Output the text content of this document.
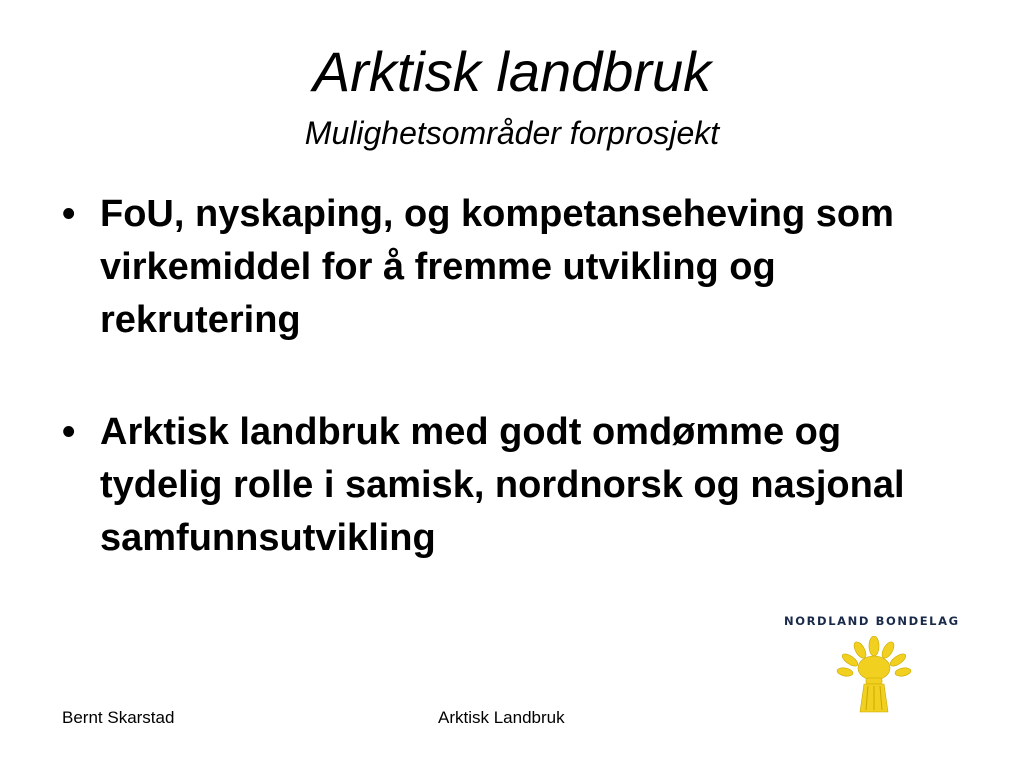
Arktisk landbruk
Mulighetsområder forprosjekt
• FoU, nyskaping, og kompetanseheving som virkemiddel for å fremme utvikling og rekrutering
• Arktisk landbruk med godt omdømme og tydelig rolle i samisk, nordnorsk og nasjonal samfunnsutvikling
NORDLAND BONDELAG
Bernt Skarstad	Arktisk Landbruk
